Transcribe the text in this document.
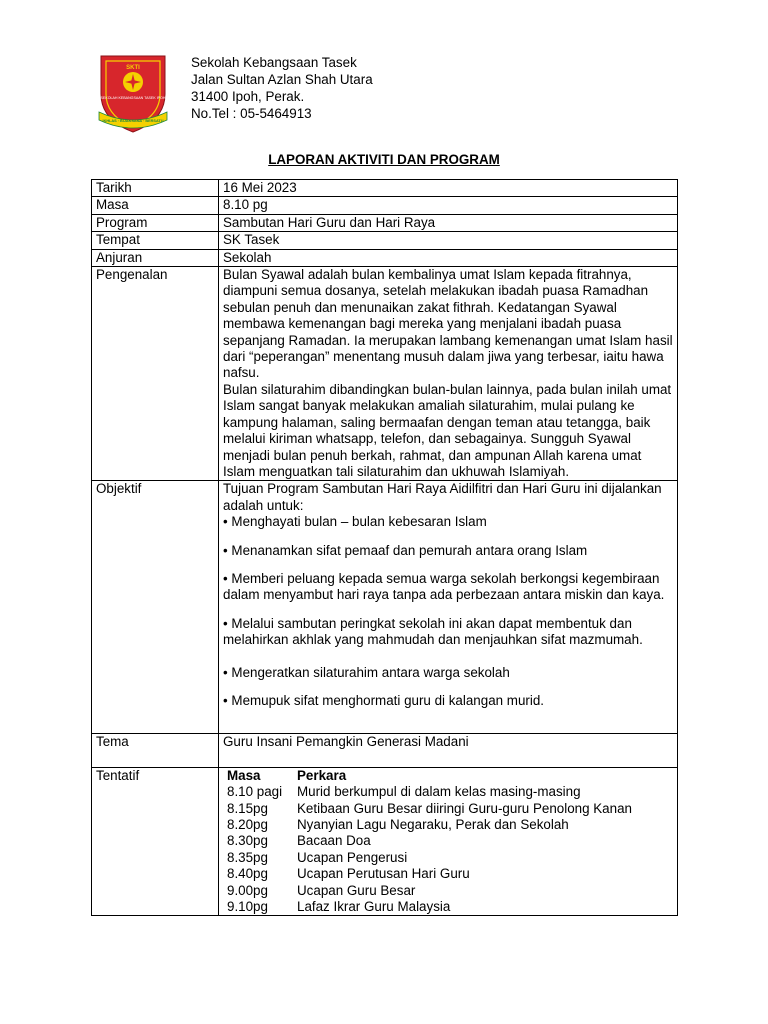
SKTI
SEKOLAH KEBANGSAAN TASEK IPOH
IKHLAS · BIJAKSANA · BERSATU
Sekolah Kebangsaan Tasek
Jalan Sultan Azlan Shah Utara
31400 Ipoh, Perak.
No.Tel : 05-5464913
LAPORAN AKTIVITI DAN PROGRAM
Tarikh	16 Mei 2023
Masa	8.10 pg
Program	Sambutan Hari Guru dan Hari Raya
Tempat	SK Tasek
Anjuran	Sekolah
Pengenalan	Bulan Syawal adalah bulan kembalinya umat Islam kepada fitrahnya, diampuni semua dosanya, setelah melakukan ibadah puasa Ramadhan sebulan penuh dan menunaikan zakat fithrah. Kedatangan Syawal membawa kemenangan bagi mereka yang menjalani ibadah puasa sepanjang Ramadan. Ia merupakan lambang kemenangan umat Islam hasil dari “peperangan” menentang musuh dalam jiwa yang terbesar, iaitu hawa nafsu.

Bulan silaturahim dibandingkan bulan-bulan lainnya, pada bulan inilah umat Islam sangat banyak melakukan amaliah silaturahim, mulai pulang ke kampung halaman, saling bermaafan dengan teman atau tetangga, baik melalui kiriman whatsapp, telefon, dan sebagainya. Sungguh Syawal menjadi bulan penuh berkah, rahmat, dan ampunan Allah karena umat Islam menguatkan tali silaturahim dan ukhuwah Islamiyah.

Objektif	Tujuan Program Sambutan Hari Raya Aidilfitri dan Hari Guru ini dijalankan adalah untuk:

• Menghayati bulan – bulan kebesaran Islam

• Menanamkan sifat pemaaf dan pemurah antara orang Islam

• Memberi peluang kepada semua warga sekolah berkongsi kegembiraan dalam menyambut hari raya tanpa ada perbezaan antara miskin dan kaya.

• Melalui sambutan peringkat sekolah ini akan dapat membentuk dan melahirkan akhlak yang mahmudah dan menjauhkan sifat mazmumah.

• Mengeratkan silaturahim antara warga sekolah

• Memupuk sifat menghormati guru di kalangan murid.

Tema	Guru Insani Pemangkin Generasi Madani

Tentatif		Masa	Perkara
8.10 pagi	Murid berkumpul di dalam kelas masing-masing
8.15pg	Ketibaan Guru Besar diiringi Guru-guru Penolong Kanan
8.20pg	Nyanyian Lagu Negaraku, Perak dan Sekolah
8.30pg	Bacaan Doa
8.35pg	Ucapan Pengerusi
8.40pg	Ucapan Perutusan Hari Guru
9.00pg	Ucapan Guru Besar
9.10pg	Lafaz Ikrar Guru Malaysia
